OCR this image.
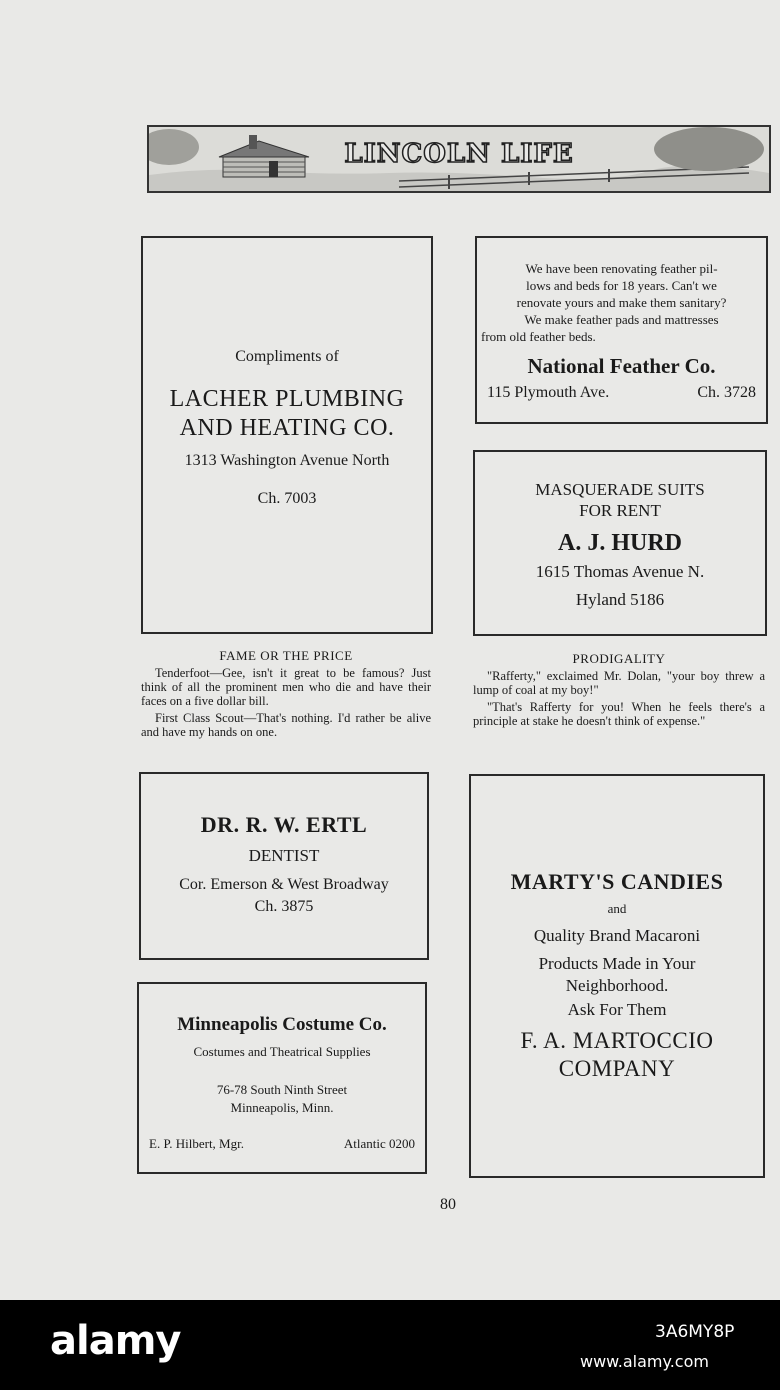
LINCOLN LIFE
Compliments of
LACHER PLUMBING
AND HEATING CO.
1313 Washington Avenue North
Ch. 7003
We have been renovating feather pil-
lows and beds for 18 years. Can't we
renovate yours and make them sanitary?
We make feather pads and mattresses
from old feather beds.
National Feather Co.
115 Plymouth Ave.	Ch. 3728
MASQUERADE SUITS
FOR RENT
A. J. HURD
1615 Thomas Avenue N.
Hyland 5186
FAME OR THE PRICE

Tenderfoot—Gee, isn't it great to be famous? Just think of all the prominent men who die and have their faces on a five dollar bill.

First Class Scout—That's nothing. I'd rather be alive and have my hands on one.

PRODIGALITY

"Rafferty," exclaimed Mr. Dolan, "your boy threw a lump of coal at my boy!"

"That's Rafferty for you! When he feels there's a principle at stake he doesn't think of expense."

DR. R. W. ERTL
DENTIST
Cor. Emerson & West Broadway
Ch. 3875
Minneapolis Costume Co.
Costumes and Theatrical Supplies
76-78 South Ninth Street
Minneapolis, Minn.
E. P. Hilbert, Mgr.	Atlantic 0200
MARTY'S CANDIES
and
Quality Brand Macaroni
Products Made in Your
Neighborhood.
Ask For Them
F. A. MARTOCCIO
COMPANY
80
alamy	3A6MY8P
www.alamy.com
